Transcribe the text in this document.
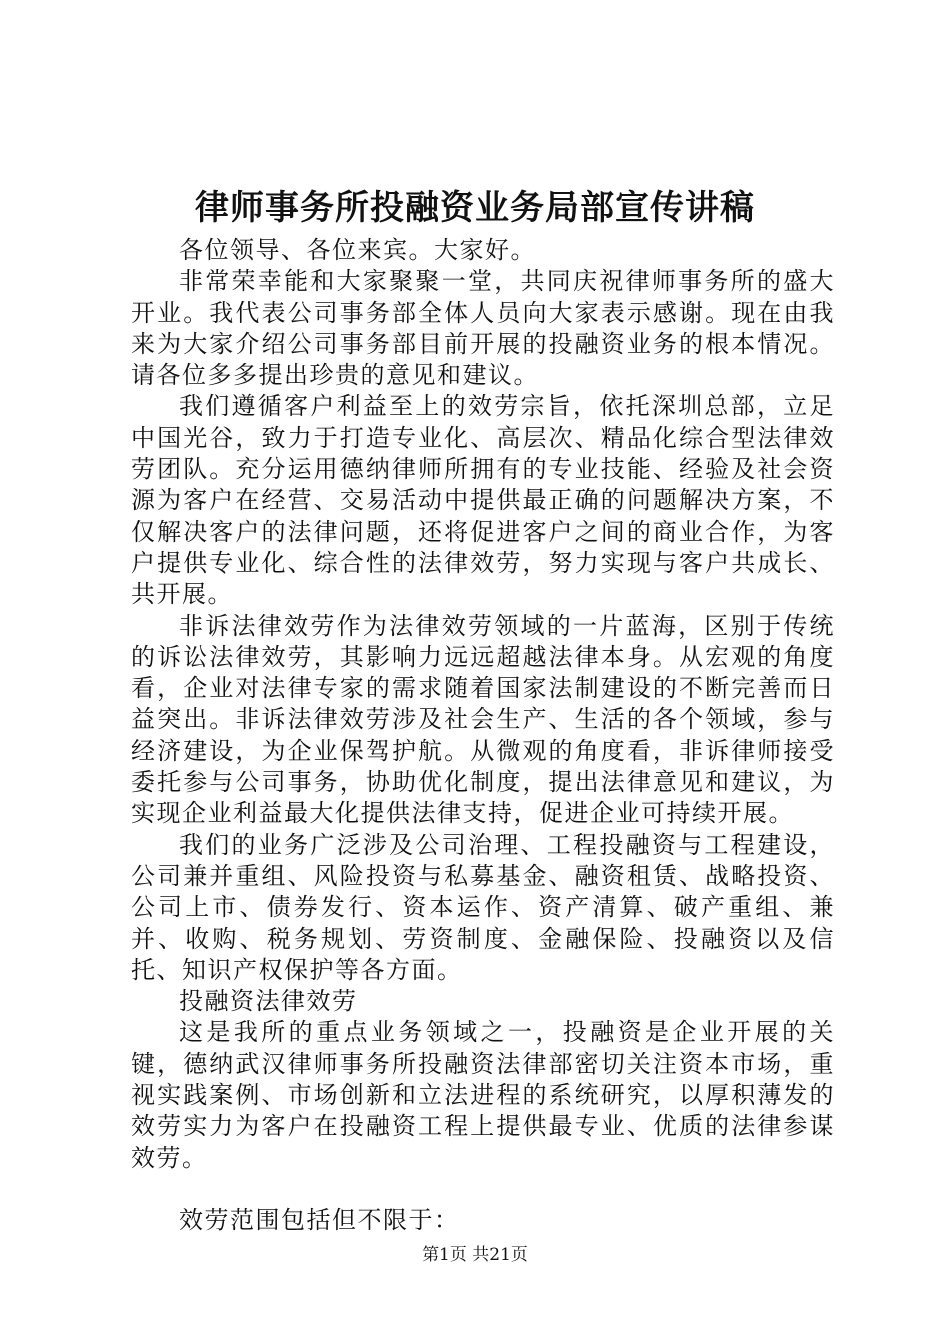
律师事务所投融资业务局部宣传讲稿

各位领导、各位来宾。大家好。

非常荣幸能和大家聚聚一堂，共同庆祝律师事务所的盛大开业。我代表公司事务部全体人员向大家表示感谢。现在由我来为大家介绍公司事务部目前开展的投融资业务的根本情况。请各位多多提出珍贵的意见和建议。

我们遵循客户利益至上的效劳宗旨，依托深圳总部，立足中国光谷，致力于打造专业化、高层次、精品化综合型法律效劳团队。充分运用德纳律师所拥有的专业技能、经验及社会资源为客户在经营、交易活动中提供最正确的问题解决方案，不仅解决客户的法律问题，还将促进客户之间的商业合作，为客户提供专业化、综合性的法律效劳，努力实现与客户共成长、共开展。

非诉法律效劳作为法律效劳领域的一片蓝海，区别于传统的诉讼法律效劳，其影响力远远超越法律本身。从宏观的角度看，企业对法律专家的需求随着国家法制建设的不断完善而日益突出。非诉法律效劳涉及社会生产、生活的各个领域，参与经济建设，为企业保驾护航。从微观的角度看，非诉律师接受委托参与公司事务，协助优化制度，提出法律意见和建议，为实现企业利益最大化提供法律支持，促进企业可持续开展。

我们的业务广泛涉及公司治理、工程投融资与工程建设，公司兼并重组、风险投资与私募基金、融资租赁、战略投资、公司上市、债券发行、资本运作、资产清算、破产重组、兼并、收购、税务规划、劳资制度、金融保险、投融资以及信托、知识产权保护等各方面。

投融资法律效劳

这是我所的重点业务领域之一，投融资是企业开展的关键，德纳武汉律师事务所投融资法律部密切关注资本市场，重视实践案例、市场创新和立法进程的系统研究，以厚积薄发的效劳实力为客户在投融资工程上提供最专业、优质的法律参谋效劳。

效劳范围包括但不限于：

第1页 共21页
